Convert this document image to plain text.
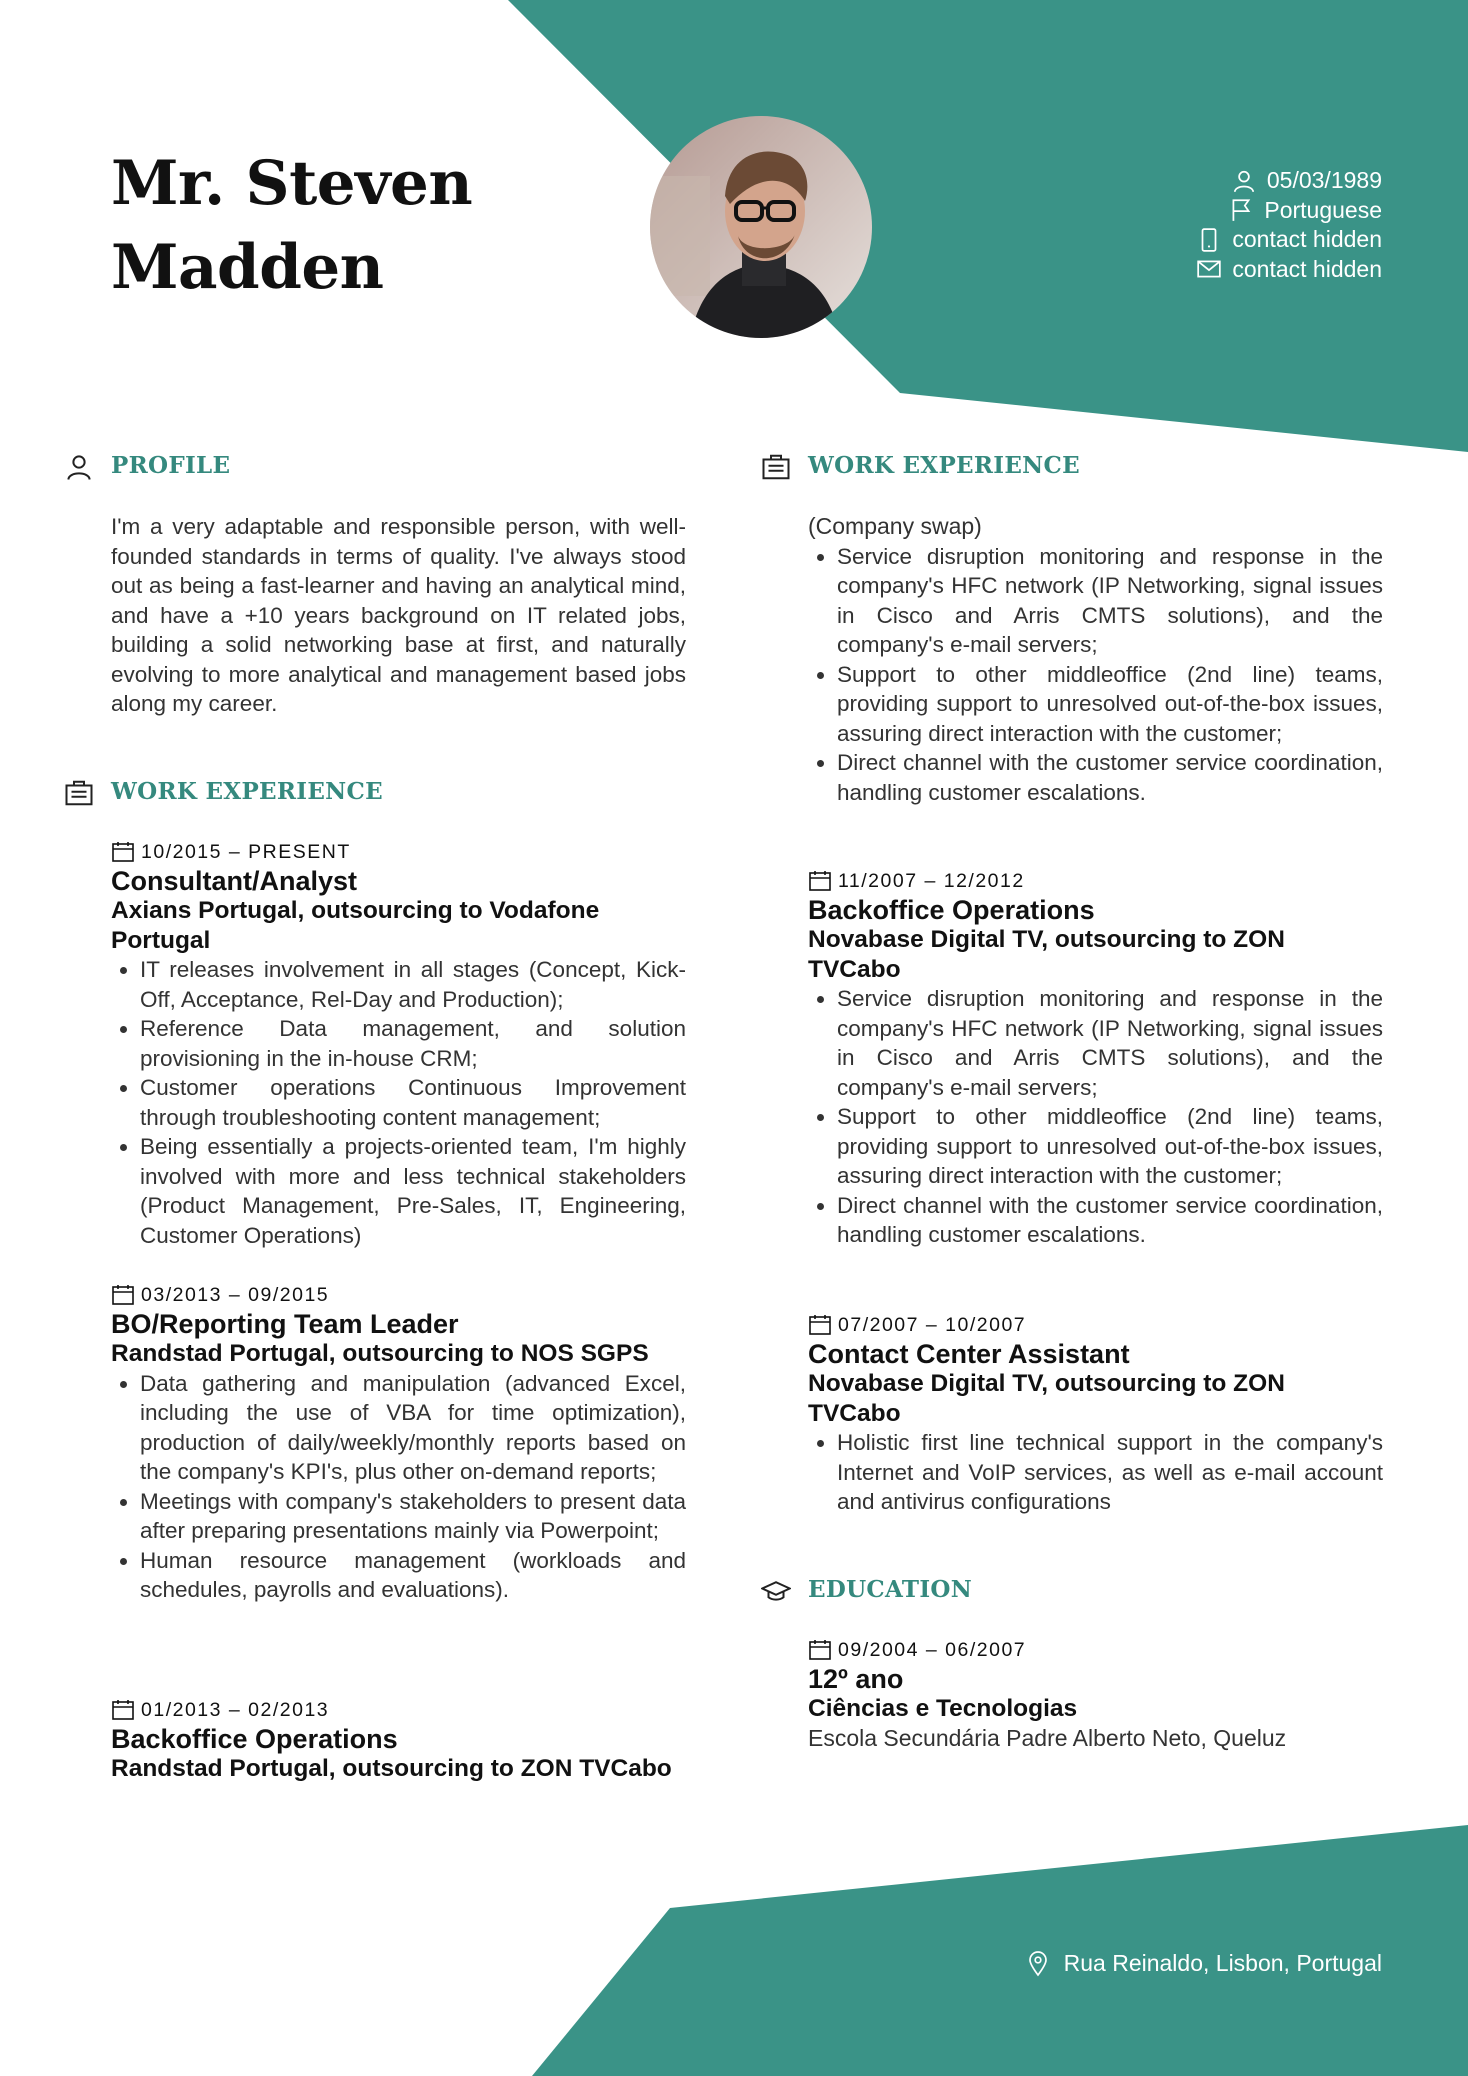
Mr. Steven
Madden
05/03/1989
Portuguese
contact hidden
contact hidden
PROFILE

I'm a very adaptable and responsible person, with well-founded standards in terms of quality. I've always stood out as being a fast-learner and having an analytical mind, and have a +10 years background on IT related jobs, building a solid networking base at first, and naturally evolving to more analytical and management based jobs along my career.

WORK EXPERIENCE
10/2015 – PRESENT
Consultant/Analyst
Axians Portugal, outsourcing to Vodafone Portugal
• IT releases involvement in all stages (Concept, Kick-Off, Acceptance, Rel-Day and Production);
• Reference Data management, and solution provisioning in the in-house CRM;
• Customer operations Continuous Improvement through troubleshooting content management;
• Being essentially a projects-oriented team, I'm highly involved with more and less technical stakeholders (Product Management, Pre-Sales, IT, Engineering, Customer Operations)
03/2013 – 09/2015
BO/Reporting Team Leader
Randstad Portugal, outsourcing to NOS SGPS
• Data gathering and manipulation (advanced Excel, including the use of VBA for time optimization), production of daily/weekly/monthly reports based on the company's KPI's, plus other on-demand reports;
• Meetings with company's stakeholders to present data after preparing presentations mainly via Powerpoint;
• Human resource management (workloads and schedules, payrolls and evaluations).
01/2013 – 02/2013
Backoffice Operations
Randstad Portugal, outsourcing to ZON TVCabo
WORK EXPERIENCE
(Company swap)
• Service disruption monitoring and response in the company's HFC network (IP Networking, signal issues in Cisco and Arris CMTS solutions), and the company's e-mail servers;
• Support to other middleoffice (2nd line) teams, providing support to unresolved out-of-the-box issues, assuring direct interaction with the customer;
• Direct channel with the customer service coordination, handling customer escalations.
11/2007 – 12/2012
Backoffice Operations
Novabase Digital TV, outsourcing to ZON TVCabo
• Service disruption monitoring and response in the company's HFC network (IP Networking, signal issues in Cisco and Arris CMTS solutions), and the company's e-mail servers;
• Support to other middleoffice (2nd line) teams, providing support to unresolved out-of-the-box issues, assuring direct interaction with the customer;
• Direct channel with the customer service coordination, handling customer escalations.
07/2007 – 10/2007
Contact Center Assistant
Novabase Digital TV, outsourcing to ZON TVCabo
• Holistic first line technical support in the company's Internet and VoIP services, as well as e-mail account and antivirus configurations
EDUCATION
09/2004 – 06/2007
12º ano
Ciências e Tecnologias
Escola Secundária Padre Alberto Neto, Queluz
Rua Reinaldo, Lisbon, Portugal
